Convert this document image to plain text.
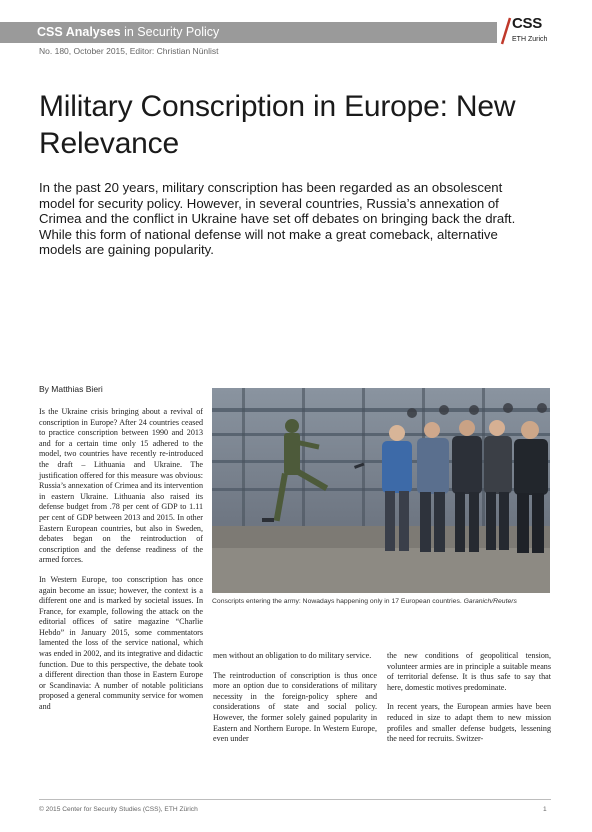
CSS Analyses in Security Policy	CSS
ETH Zurich
No. 180, October 2015, Editor: Christian Nünlist
Military Conscription in Europe: New Relevance

In the past 20 years, military conscription has been regarded as an obsolescent model for security policy. However, in several countries, Russia’s annexation of Crimea and the conflict in Ukraine have set off debates on bringing back the draft. While this form of national defense will not make a great comeback, alternative models are gaining popularity.

By Matthias Bieri

Is the Ukraine crisis bringing about a revival of conscription in Europe? After 24 countries ceased to practice conscription between 1990 and 2013 and for a certain time only 15 adhered to the model, two countries have recently re-introduced the draft – Lithuania and Ukraine. The justification offered for this measure was obvious: Russia’s annexation of Crimea and its intervention in eastern Ukraine. Lithuania also raised its defense budget from .78 per cent of GDP to 1.11 per cent of GDP between 2013 and 2015. In other Eastern European countries, but also in Sweden, debates began on the reintroduction of conscription and the defense readiness of the armed forces.

In Western Europe, too conscription has once again become an issue; however, the context is a different one and is marked by societal issues. In France, for example, following the attack on the editorial offices of satire magazine “Charlie Hebdo” in January 2015, some commentators lamented the loss of the service national, which was ended in 2002, and its integrative and didactic function. Due to this perspective, the debate took a different direction than those in Eastern Europe or Scandinavia: A number of notable politicians proposed a general community service for women and

Conscripts entering the army: Nowadays happening only in 17 European countries. Garanich/Reuters

men without an obligation to do military service.

The reintroduction of conscription is thus once more an option due to considerations of military necessity in the foreign-policy sphere and considerations of state and social policy. However, the former solely gained popularity in Eastern and Northern Europe. In Western Europe, even under

the new conditions of geopolitical tension, volunteer armies are in principle a suitable means of territorial defense. It is thus safe to say that here, domestic motives predominate.

In recent years, the European armies have been reduced in size to adapt them to new mission profiles and smaller defense budgets, lessening the need for recruits. Switzer-

© 2015 Center for Security Studies (CSS), ETH Zürich	1
